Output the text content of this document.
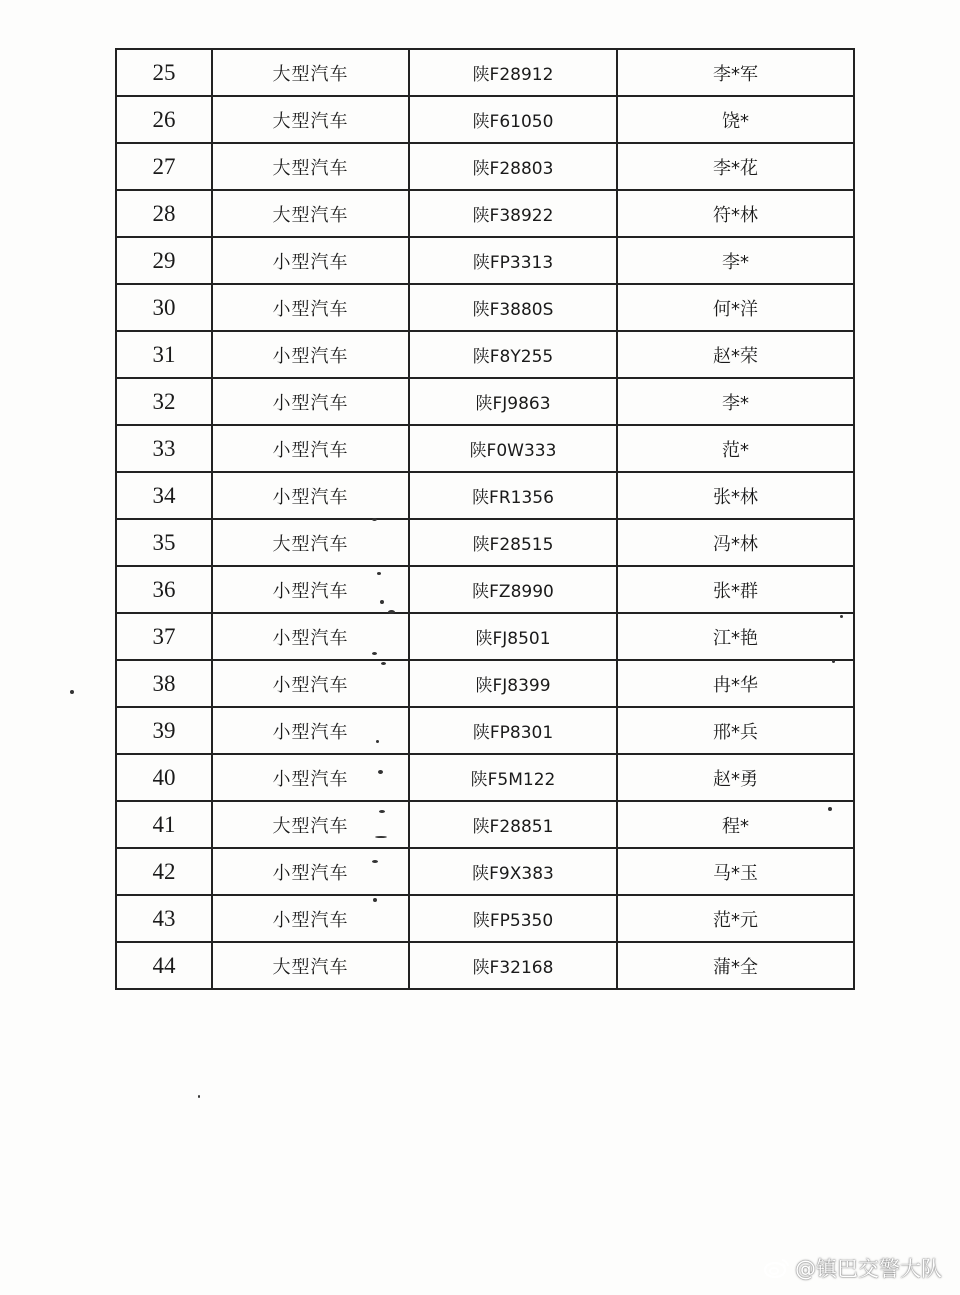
25	大型汽车	陕F28912	李*军
26	大型汽车	陕F61050	饶*
27	大型汽车	陕F28803	李*花
28	大型汽车	陕F38922	符*林
29	小型汽车	陕FP3313	李*
30	小型汽车	陕F3880S	何*洋
31	小型汽车	陕F8Y255	赵*荣
32	小型汽车	陕FJ9863	李*
33	小型汽车	陕F0W333	范*
34	小型汽车	陕FR1356	张*林
35	大型汽车	陕F28515	冯*林
36	小型汽车	陕FZ8990	张*群
37	小型汽车	陕FJ8501	江*艳
38	小型汽车	陕FJ8399	冉*华
39	小型汽车	陕FP8301	邢*兵
40	小型汽车	陕F5M122	赵*勇
41	大型汽车	陕F28851	程*
42	小型汽车	陕F9X383	马*玉
43	小型汽车	陕FP5350	范*元
44	大型汽车	陕F32168	蒲*全
@镇巴交警大队
